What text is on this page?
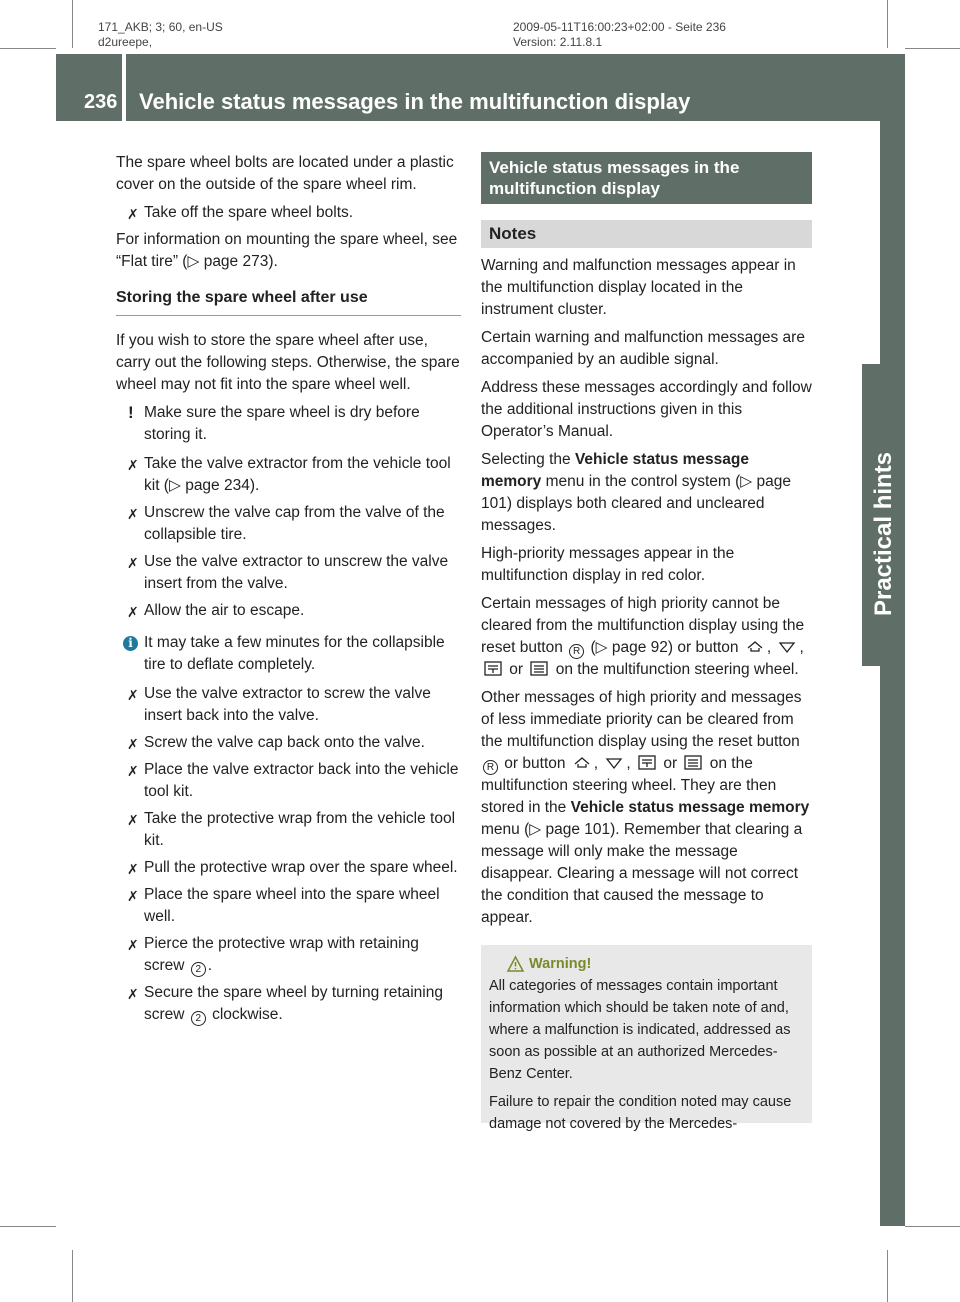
171_AKB; 3; 60, en-US
d2ureepe,
2009-05-11T16:00:23+02:00 - Seite 236
Version: 2.11.8.1
236 Vehicle status messages in the multifunction display
Practical hints

The spare wheel bolts are located under a plastic cover on the outside of the spare wheel rim.

✗ Take off the spare wheel bolts.

For information on mounting the spare wheel, see “Flat tire” (▷ page 273).

Storing the spare wheel after use

If you wish to store the spare wheel after use, carry out the following steps. Otherwise, the spare wheel may not fit into the spare wheel well.

! Make sure the spare wheel is dry before storing it.
✗ Take the valve extractor from the vehicle tool kit (▷ page 234).
✗ Unscrew the valve cap from the valve of the collapsible tire.
✗ Use the valve extractor to unscrew the valve insert from the valve.
✗ Allow the air to escape.
i It may take a few minutes for the collapsible tire to deflate completely.
✗ Use the valve extractor to screw the valve insert back into the valve.
✗ Screw the valve cap back onto the valve.
✗ Place the valve extractor back into the vehicle tool kit.
✗ Take the protective wrap from the vehicle tool kit.
✗ Pull the protective wrap over the spare wheel.
✗ Place the spare wheel into the spare wheel well.
✗ Pierce the protective wrap with retaining screw 2 .
✗ Secure the spare wheel by turning retaining screw 2 clockwise.
Vehicle status messages in the multifunction display
Notes

Warning and malfunction messages appear in the multifunction display located in the instrument cluster.

Certain warning and malfunction messages are accompanied by an audible signal.

Address these messages accordingly and follow the additional instructions given in this Operator’s Manual.

Selecting the Vehicle status message memory menu in the control system (▷ page 101) displays both cleared and uncleared messages.

High-priority messages appear in the multifunction display in red color.

Certain messages of high priority cannot be cleared from the multifunction display using the reset button R (▷ page 92) or button , ,  or  on the multifunction steering wheel.

Other messages of high priority and messages of less immediate priority can be cleared from the multifunction display using the reset button R or button , ,  or  on the multifunction steering wheel. They are then stored in the Vehicle status message memory menu (▷ page 101). Remember that clearing a message will only make the message disappear. Clearing a message will not correct the condition that caused the message to appear.

Warning!

All categories of messages contain important information which should be taken note of and, where a malfunction is indicated, addressed as soon as possible at an authorized Mercedes-Benz Center.

Failure to repair the condition noted may cause damage not covered by the Mercedes-
